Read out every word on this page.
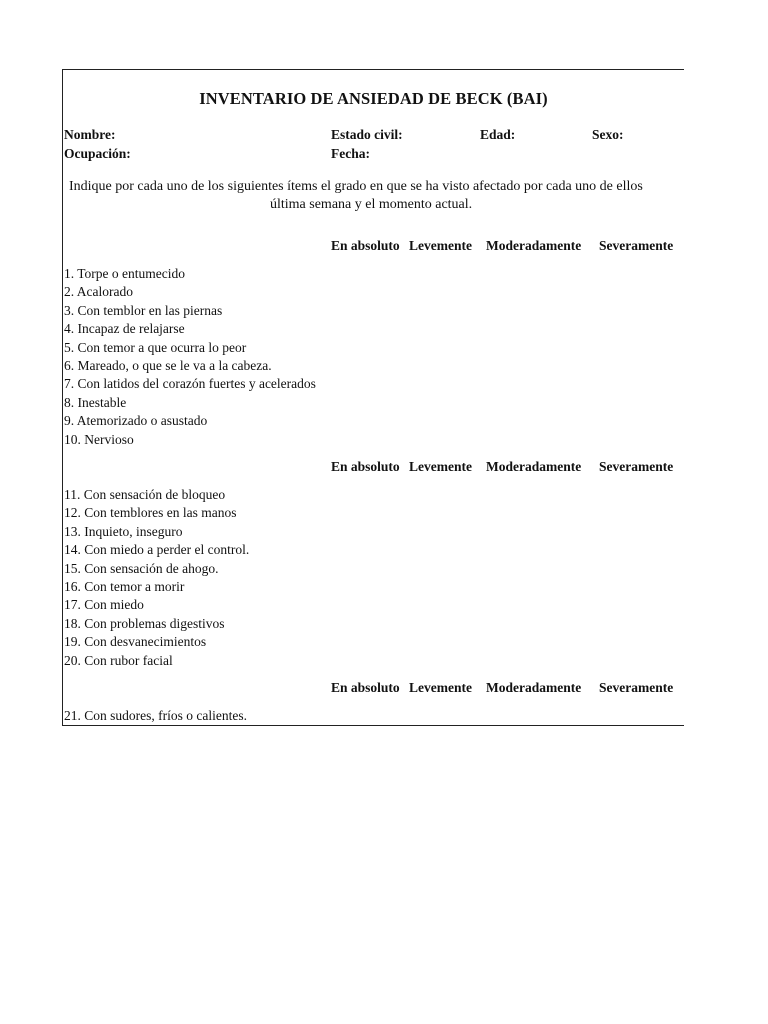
INVENTARIO DE ANSIEDAD DE BECK (BAI)
Nombre:	Estado civil:	Edad:	Sexo:
Ocupación:	Fecha:
Indique por cada uno de los siguientes ítems el grado en que se ha visto afectado por cada uno de ellos
última semana y el momento actual.
En absoluto Levemente Moderadamente Severamente
1. Torpe o entumecido
2. Acalorado
3. Con temblor en las piernas
4. Incapaz de relajarse
5. Con temor a que ocurra lo peor
6. Mareado, o que se le va a la cabeza.
7. Con latidos del corazón fuertes y acelerados
8. Inestable
9. Atemorizado o asustado
10. Nervioso
En absoluto Levemente Moderadamente Severamente
11. Con sensación de bloqueo
12. Con temblores en las manos
13. Inquieto, inseguro
14. Con miedo a perder el control.
15. Con sensación de ahogo.
16. Con temor a morir
17. Con miedo
18. Con problemas digestivos
19. Con desvanecimientos
20. Con rubor facial
En absoluto Levemente Moderadamente Severamente
21. Con sudores, fríos o calientes.
